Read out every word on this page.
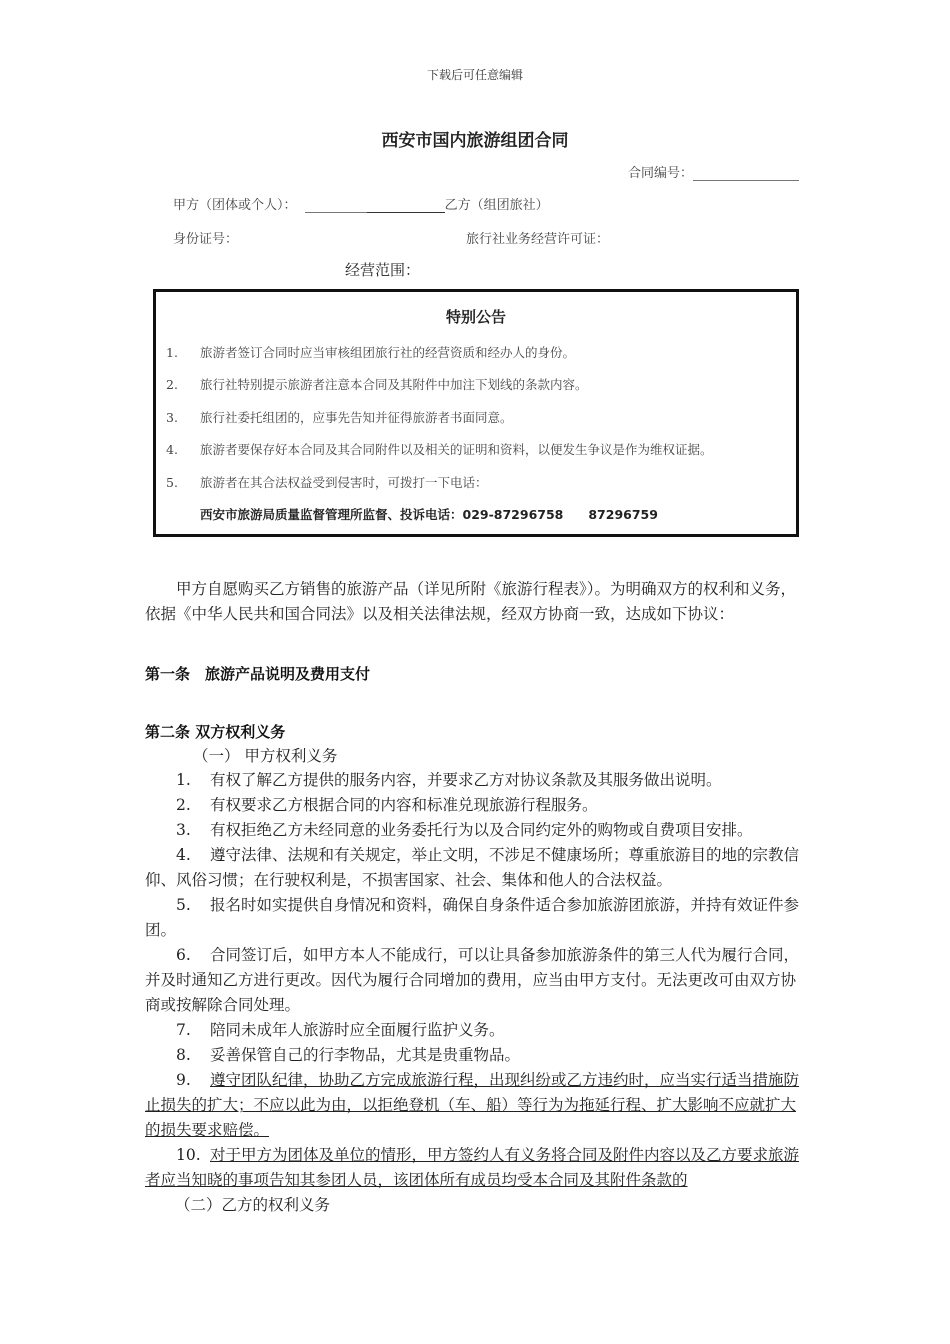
下载后可任意编辑
西安市国内旅游组团合同
合同编号：
甲方（团体或个人）：	乙方（组团旅社）
身份证号：	旅行社业务经营许可证：
经营范围：
特别公告
1. 旅游者签订合同时应当审核组团旅行社的经营资质和经办人的身份。
2. 旅行社特别提示旅游者注意本合同及其附件中加注下划线的条款内容。
3. 旅行社委托组团的，应事先告知并征得旅游者书面同意。
4. 旅游者要保存好本合同及其合同附件以及相关的证明和资料，以便发生争议是作为维权证据。
5. 旅游者在其合法权益受到侵害时，可拨打一下电话：
西安市旅游局质量监督管理所监督、投诉电话：029-87296758　　87296759
甲方自愿购买乙方销售的旅游产品（详见所附《旅游行程表》）。为明确双方的权利和义务，依据《中华人民共和国合同法》以及相关法律法规，经双方协商一致，达成如下协议：
第一条　旅游产品说明及费用支付
第二条 双方权利义务
（一） 甲方权利义务
1. 有权了解乙方提供的服务内容，并要求乙方对协议条款及其服务做出说明。
2. 有权要求乙方根据合同的内容和标准兑现旅游行程服务。
3. 有权拒绝乙方未经同意的业务委托行为以及合同约定外的购物或自费项目安排。
4. 遵守法律、法规和有关规定，举止文明，不涉足不健康场所；尊重旅游目的地的宗教信仰、风俗习惯；在行驶权利是，不损害国家、社会、集体和他人的合法权益。
5. 报名时如实提供自身情况和资料，确保自身条件适合参加旅游团旅游，并持有效证件参团。
6. 合同签订后，如甲方本人不能成行，可以让具备参加旅游条件的第三人代为履行合同，并及时通知乙方进行更改。因代为履行合同增加的费用，应当由甲方支付。无法更改可由双方协商或按解除合同处理。
7. 陪同未成年人旅游时应全面履行监护义务。
8. 妥善保管自己的行李物品，尤其是贵重物品。
9. 遵守团队纪律，协助乙方完成旅游行程，出现纠纷或乙方违约时，应当实行适当措施防止损失的扩大；不应以此为由，以拒绝登机（车、船）等行为为拖延行程、扩大影响不应就扩大的损失要求赔偿。
10. 对于甲方为团体及单位的情形，甲方签约人有义务将合同及附件内容以及乙方要求旅游者应当知晓的事项告知其参团人员，该团体所有成员均受本合同及其附件条款的
（二）乙方的权利义务
